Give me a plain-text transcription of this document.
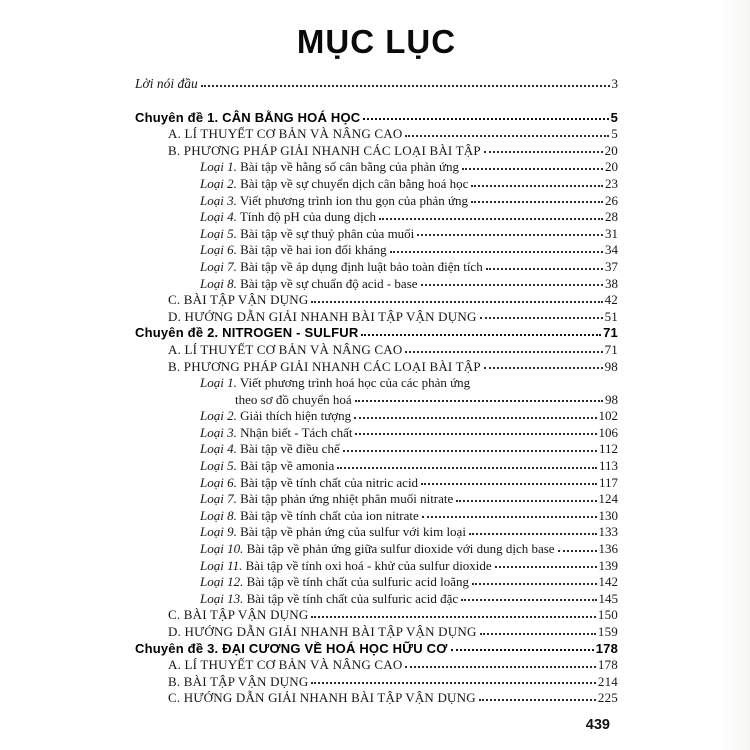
MỤC LỤC
Lời nói đầu	3
Chuyên đề 1. CÂN BẰNG HOÁ HỌC	5
A. LÍ THUYẾT CƠ BẢN VÀ NÂNG CAO	5
B. PHƯƠNG PHÁP GIẢI NHANH CÁC LOẠI BÀI TẬP	20
Loại 1. Bài tập về hằng số cân bằng của phản ứng	20
Loại 2. Bài tập về sự chuyển dịch cân bằng hoá học	23
Loại 3. Viết phương trình ion thu gọn của phản ứng	26
Loại 4. Tính độ pH của dung dịch	28
Loại 5. Bài tập về sự thuỷ phân của muối	31
Loại 6. Bài tập về hai ion đối kháng	34
Loại 7. Bài tập về áp dụng định luật bảo toàn điện tích	37
Loại 8. Bài tập về sự chuẩn độ acid - base	38
C. BÀI TẬP VẬN DỤNG	42
D. HƯỚNG DẪN GIẢI NHANH BÀI TẬP VẬN DỤNG	51
Chuyên đề 2. NITROGEN - SULFUR	71
A. LÍ THUYẾT CƠ BẢN VÀ NÂNG CAO	71
B. PHƯƠNG PHÁP GIẢI NHANH CÁC LOẠI BÀI TẬP	98
Loại 1. Viết phương trình hoá học của các phản ứng
theo sơ đồ chuyển hoá	98
Loại 2. Giải thích hiện tượng	102
Loại 3. Nhận biết - Tách chất	106
Loại 4. Bài tập về điều chế	112
Loại 5. Bài tập về amonia	113
Loại 6. Bài tập về tính chất của nitric acid	117
Loại 7. Bài tập phản ứng nhiệt phân muối nitrate	124
Loại 8. Bài tập về tính chất của ion nitrate	130
Loại 9. Bài tập về phản ứng của sulfur với kim loại	133
Loại 10. Bài tập về phản ứng giữa sulfur dioxide với dung dịch base	136
Loại 11. Bài tập về tính oxi hoá - khử của sulfur dioxide	139
Loại 12. Bài tập về tính chất của sulfuric acid loãng	142
Loại 13. Bài tập về tính chất của sulfuric acid đặc	145
C. BÀI TẬP VẬN DỤNG	150
D. HƯỚNG DẪN GIẢI NHANH BÀI TẬP VẬN DỤNG	159
Chuyên đề 3. ĐẠI CƯƠNG VỀ HOÁ HỌC HỮU CƠ	178
A. LÍ THUYẾT CƠ BẢN VÀ NÂNG CAO	178
B. BÀI TẬP VẬN DỤNG	214
C. HƯỚNG DẪN GIẢI NHANH BÀI TẬP VẬN DỤNG	225
439
